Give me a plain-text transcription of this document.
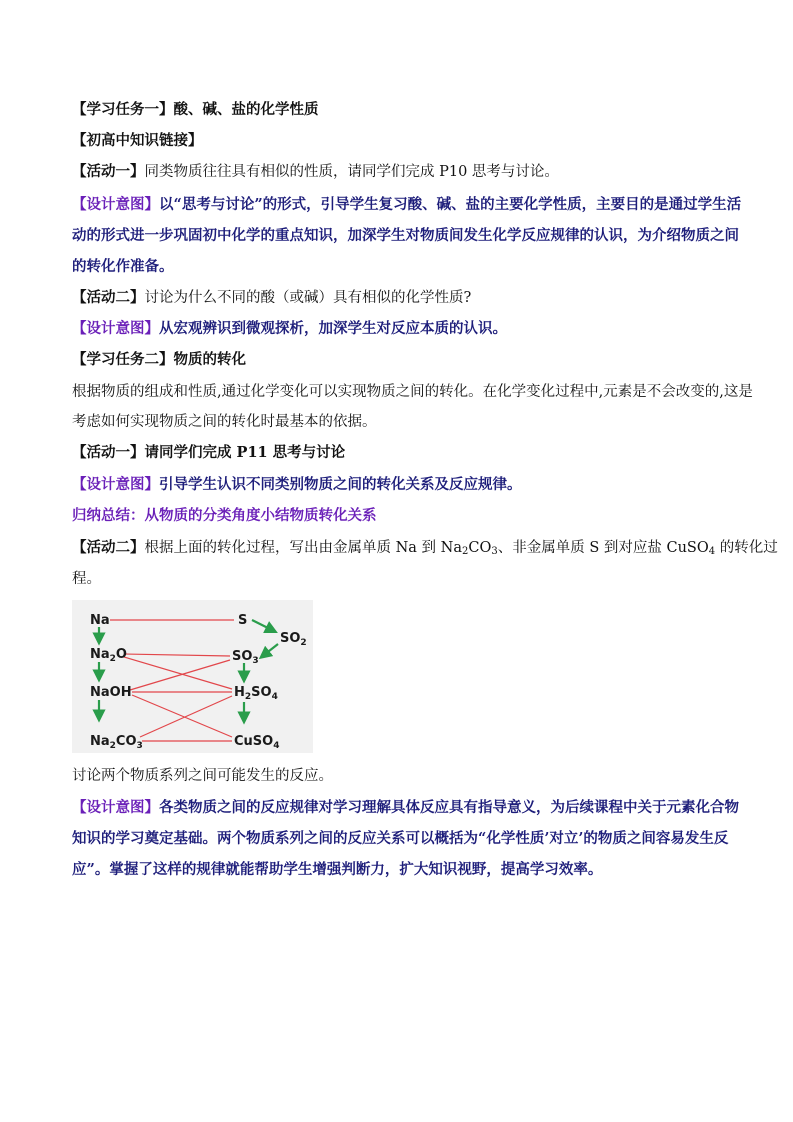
【学习任务一】酸、碱、盐的化学性质
【初高中知识链接】
【活动一】同类物质往往具有相似的性质，请同学们完成 P10 思考与讨论。
【设计意图】以“思考与讨论”的形式，引导学生复习酸、碱、盐的主要化学性质，主要目的是通过学生活
动的形式进一步巩固初中化学的重点知识，加深学生对物质间发生化学反应规律的认识，为介绍物质之间
的转化作准备。
【活动二】讨论为什么不同的酸（或碱）具有相似的化学性质?
【设计意图】从宏观辨识到微观探析，加深学生对反应本质的认识。
【学习任务二】物质的转化
根据物质的组成和性质,通过化学变化可以实现物质之间的转化。在化学变化过程中,元素是不会改变的,这是
考虑如何实现物质之间的转化时最基本的依据。
【活动一】请同学们完成 P11 思考与讨论
【设计意图】引导学生认识不同类别物质之间的转化关系及反应规律。
归纳总结：从物质的分类角度小结物质转化关系
【活动二】根据上面的转化过程，写出由金属单质 Na 到 $Na_2CO_3$、非金属单质 S 到对应盐 CuSO$_4$ 的转化过
程。
Na
$Na_2O$
NaOH
$Na_2CO_3$
S
$SO_2$
$SO_3$
$H_2SO_4$
CuSO$_4$
讨论两个物质系列之间可能发生的反应。
【设计意图】各类物质之间的反应规律对学习理解具体反应具有指导意义，为后续课程中关于元素化合物
知识的学习奠定基础。两个物质系列之间的反应关系可以概括为“化学性质’对立’的物质之间容易发生反
应”。掌握了这样的规律就能帮助学生增强判断力，扩大知识视野，提高学习效率。
